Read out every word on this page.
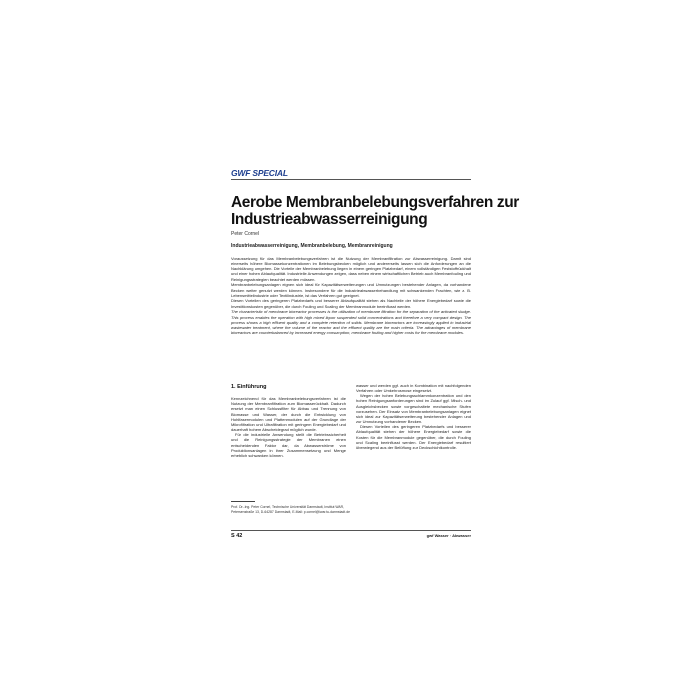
GWF SPECIAL
Aerobe Membranbelebungsverfahren zur Industrieabwasserreinigung
Peter Cornel
Industrieabwasserreinigung, Membranbelebung, Membranreinigung

Voraussetzung für das Membranbelebungsverfahren ist die Nutzung der Membranfiltration zur Abwasserreinigung. Damit sind einerseits höhere Biomassekonzentrationen im Belebungsbecken möglich und andererseits lassen sich die Anforderungen an die Nachklärung umgehen. Die Vorteile der Membranbelebung liegen in einem geringen Platzbedarf, einem vollständigen Feststoffrückhalt und einer hohen Ablaufqualität. Industrielle Anwendungen zeigen, dass neben einem wirtschaftlichen Betrieb auch Membranfouling und Reinigungsstrategien beachtet werden müssen.

Membranbelebungsanlagen eignen sich ideal für Kapazitätserweiterungen und Umnutzungen bestehender Anlagen, da vorhandene Becken weiter genutzt werden können. Insbesondere für die Industrieabwasserbehandlung mit schwankenden Frachten, wie z. B. Lebensmittelindustrie oder Textilindustrie, ist das Verfahren gut geeignet.

Diesen Vorteilen des geringeren Platzbedarfs und besserer Ablaufqualität stehen als Nachteile der höhere Energiebedarf sowie die Investitionskosten gegenüber, die durch Fouling und Scaling der Membranmodule beeinflusst werden.

The characteristic of membrane bioreactor processes is the utilisation of membrane filtration for the separation of the activated sludge. This process enables the operation with high mixed liquor suspended solid concentrations and therefore a very compact design. The process shows a high effluent quality and a complete retention of solids. Membrane bioreactors are increasingly applied in industrial wastewater treatment, where the volume of the reactor and the effluent quality are the main criteria. The advantages of membrane bioreactors are counterbalanced by increased energy consumption, membrane fouling and higher costs for the membrane modules.

1. Einführung

Kennzeichnend für das Membranbelebungsverfahren ist die Nutzung der Membranfiltration zum Biomasserückhalt. Dadurch ersetzt man einen Schlussfilter für Abbau und Trennung von Biomasse und Wasser, der durch die Entwicklung von Hohlfasermodulen und Plattenmodulen auf der Grundlage der Mikrofiltration und Ultrafiltration mit geringem Energiebedarf und dauerhaft hohem Abscheidegrad möglich wurde.

Für die industrielle Anwendung stellt die Betriebssicherheit und die Reinigungsstrategie der Membranen einen entscheidenden Faktor dar, da Abwasserströme von Produktionsanlagen in ihrer Zusammensetzung und Menge erheblich schwanken können.

wasser und werden ggf. auch in Kombination mit nachfolgenden Verfahren oder Umkehrosmose eingesetzt.

Wegen der hohen Belebungsschlammkonzentration und den hohen Reinigungsanforderungen sind im Zulauf ggf. Misch- und Ausgleichsbecken sowie vorgeschaltete mechanische Stufen vorzusehen. Der Einsatz von Membranbelebungsanlagen eignet sich ideal zur Kapazitätserweiterung bestehender Anlagen und zur Umnutzung vorhandener Becken.

Diesen Vorteilen des geringeren Platzbedarfs und besserer Ablaufqualität stehen der höhere Energiebedarf sowie die Kosten für die Membranmodule gegenüber, die durch Fouling und Scaling beeinflusst werden. Der Energiebedarf resultiert überwiegend aus der Belüftung zur Deckschichtkontrolle.

Prof. Dr.-Ing. Peter Cornel, Technische Universität Darmstadt, Institut WAR, Petersenstraße 13, D-64287 Darmstadt, E-Mail: p.cornel@iwar.tu-darmstadt.de
S 42	gwf Wasser · Abwasser
